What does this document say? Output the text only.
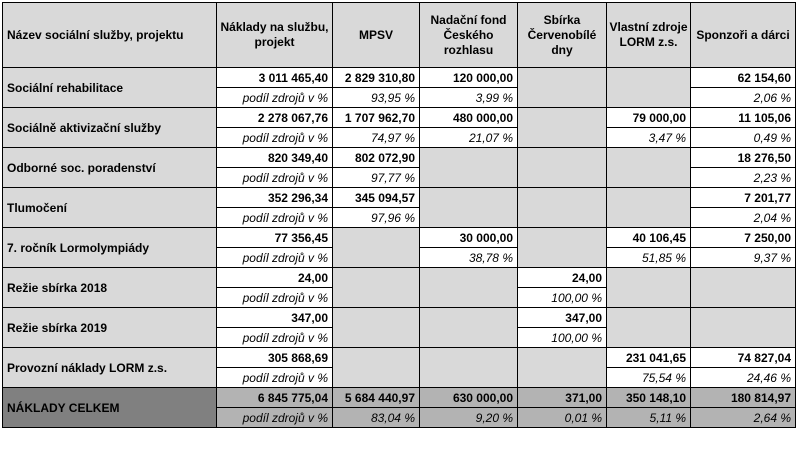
Název sociální služby, projektu	Náklady na službu, projekt	MPSV	Nadační fond Českého rozhlasu	Sbírka Červenobílé dny	Vlastní zdroje LORM z.s.	Sponzoři a dárci
Sociální rehabilitace	3 011 465,40	2 829 310,80	120 000,00			62 154,60
	podíl zdrojů v %	93,95 %	3,99 %			2,06 %
Sociálně aktivizační služby	2 278 067,76	1 707 962,70	480 000,00		79 000,00	11 105,06
	podíl zdrojů v %	74,97 %	21,07 %		3,47 %	0,49 %
Odborné soc. poradenství	820 349,40	802 072,90				18 276,50
	podíl zdrojů v %	97,77 %				2,23 %
Tlumočení	352 296,34	345 094,57				7 201,77
	podíl zdrojů v %	97,96 %				2,04 %
7. ročník Lormolympiády	77 356,45		30 000,00		40 106,45	7 250,00
	podíl zdrojů v %		38,78 %		51,85 %	9,37 %
Režie sbírka 2018	24,00			24,00		
	podíl zdrojů v %			100,00 %		
Režie sbírka 2019	347,00			347,00		
	podíl zdrojů v %			100,00 %		
Provozní náklady LORM z.s.	305 868,69				231 041,65	74 827,04
	podíl zdrojů v %				75,54 %	24,46 %
NÁKLADY CELKEM	6 845 775,04	5 684 440,97	630 000,00	371,00	350 148,10	180 814,97
	podíl zdrojů v %	83,04 %	9,20 %	0,01 %	5,11 %	2,64 %
